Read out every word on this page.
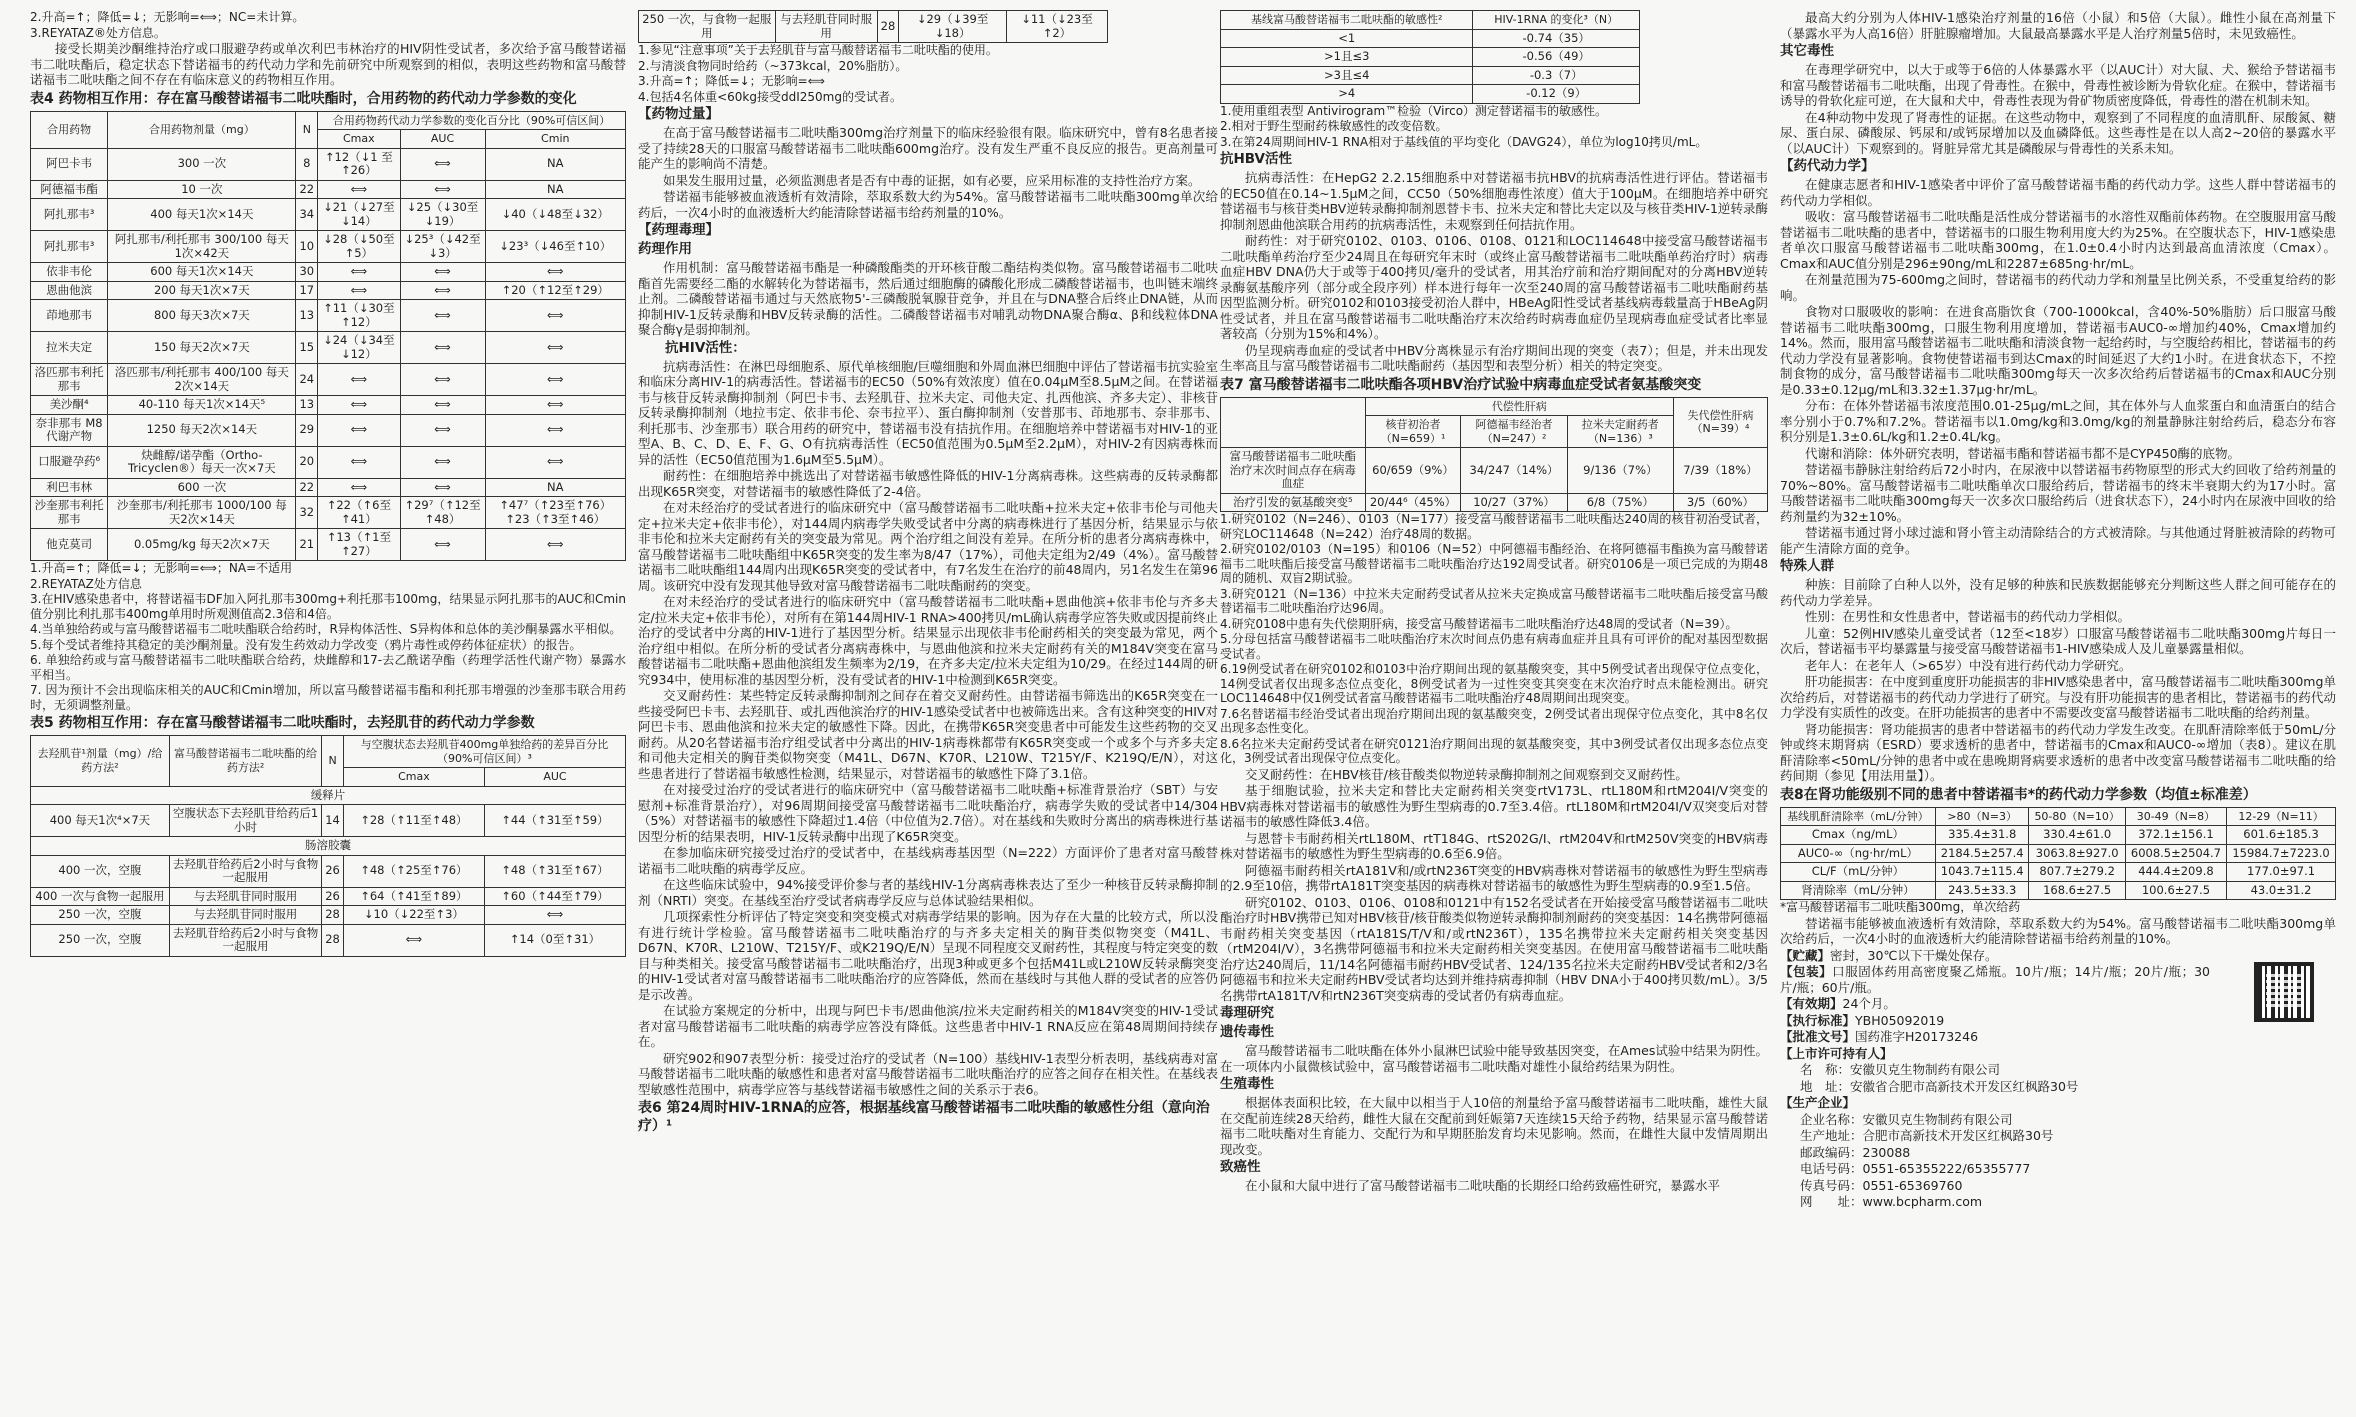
2.升高=↑；降低=↓；无影响=⟺；NC=未计算。
3.REYATAZ®处方信息。
接受长期美沙酮维持治疗或口服避孕药或单次利巴韦林治疗的HIV阴性受试者，多次给予富马酸替诺福韦二吡呋酯后，稳定状态下替诺福韦的药代动力学和先前研究中所观察到的相似，表明这些药物和富马酸替诺福韦二吡呋酯之间不存在有临床意义的药物相互作用。
表4 药物相互作用：存在富马酸替诺福韦二吡呋酯时，合用药物的药代动力学参数的变化
合用药物	合用药物剂量（mg）	N	合用药物药代动力学参数的变化百分比（90%可信区间）		
			Cmax	AUC	Cmin
阿巴卡韦	300 一次	8	↑12（↓1 至↑26）	⟺	NA
阿德福韦酯	10 一次	22	⟺	⟺	NA
阿扎那韦³	400 每天1次×14天	34	↓21（↓27至↓14）	↓25（↓30至↓19）	↓40（↓48至↓32）
阿扎那韦³	阿扎那韦/利托那韦 300/100 每天1次×42天	10	↓28（↓50至↑5）	↓25³（↓42至↓3）	↓23³（↓46至↑10）
依非韦伦	600 每天1次×14天	30	⟺	⟺	⟺
恩曲他滨	200 每天1次×7天	17	⟺	⟺	↑20（↑12至↑29）
茚地那韦	800 每天3次×7天	13	↑11（↓30至↑12）	⟺	⟺
拉米夫定	150 每天2次×7天	15	↓24（↓34至↓12）	⟺	⟺
洛匹那韦利托那韦	洛匹那韦/利托那韦 400/100 每天2次×14天	24	⟺	⟺	⟺
美沙酮⁴	40-110 每天1次×14天⁵	13	⟺	⟺	⟺
奈非那韦 M8代谢产物	1250 每天2次×14天	29	⟺	⟺	⟺
口服避孕药⁶	炔雌醇/诺孕酯（Ortho-Tricyclen®）每天一次×7天	20	⟺	⟺	⟺
利巴韦林	600 一次	22	⟺	⟺	NA
沙奎那韦利托那韦	沙奎那韦/利托那韦 1000/100 每天2次×14天	32	↑22（↑6至↑41）	↑29⁷（↑12至↑48）	↑47⁷（↑23至↑76）↑23（↑3至↑46）
他克莫司	0.05mg/kg 每天2次×7天	21	↑13（↑1至↑27）	⟺	⟺
1.升高=↑；降低=↓；无影响=⟺；NA=不适用
2.REYATAZ处方信息
3.在HIV感染患者中，将替诺福韦DF加入阿扎那韦300mg+利托那韦100mg，结果显示阿扎那韦的AUC和Cmin值分别比利扎那韦400mg单用时所观测值高2.3倍和4倍。
4.当单独给药或与富马酸替诺福韦二吡呋酯联合给药时，R异构体活性、S异构体和总体的美沙酮暴露水平相似。
5.每个受试者维持其稳定的美沙酮剂量。没有发生药效动力学改变（鸦片毒性或停药体征症状）的报告。
6. 单独给药或与富马酸替诺福韦二吡呋酯联合给药，炔雌醇和17-去乙酰诺孕酯（药理学活性代谢产物）暴露水平相当。
7. 因为预计不会出现临床相关的AUC和Cmin增加，所以富马酸替诺福韦酯和利托那韦增强的沙奎那韦联合用药时，无须调整剂量。
表5 药物相互作用：存在富马酸替诺福韦二吡呋酯时，去羟肌苷的药代动力学参数
去羟肌苷¹剂量（mg）/给药方法²	富马酸替诺福韦二吡呋酯的给药方法²	N	与空腹状态去羟肌苷400mg单独给药的差异百分比（90%可信区间）³	
			Cmax	AUC
缓释片				
400 每天1次⁴×7天	空腹状态下去羟肌苷给药后1小时	14	↑28（↑11至↑48）	↑44（↑31至↑59）
肠溶胶囊				
400 一次，空腹	去羟肌苷给药后2小时与食物一起服用	26	↑48（↑25至↑76）	↑48（↑31至↑67）
400 一次与食物一起服用	与去羟肌苷同时服用	26	↑64（↑41至↑89）	↑60（↑44至↑79）
250 一次，空腹	与去羟肌苷同时服用	28	↓10（↓22至↑3）	⟺
250 一次，空腹	去羟肌苷给药后2小时与食物一起服用	28	⟺	↑14（0至↑31）
250 一次，与食物一起服用	与去羟肌苷同时服用	28	↓29（↓39至↓18）	↓11（↓23至↑2）
1.参见“注意事项”关于去羟肌苷与富马酸替诺福韦二吡呋酯的使用。
2.与清淡食物同时给药（~373kcal，20%脂肪）。
3.升高=↑；降低=↓；无影响=⟺
4.包括4名体重<60kg接受ddI250mg的受试者。
【药物过量】
在高于富马酸替诺福韦二吡呋酯300mg治疗剂量下的临床经验很有限。临床研究中，曾有8名患者接受了持续28天的口服富马酸替诺福韦二吡呋酯600mg治疗。没有发生严重不良反应的报告。更高剂量可能产生的影响尚不清楚。
如果发生服用过量，必须监测患者是否有中毒的证据，如有必要，应采用标准的支持性治疗方案。
替诺福韦能够被血液透析有效清除，萃取系数大约为54%。富马酸替诺福韦二吡呋酯300mg单次给药后，一次4小时的血液透析大约能清除替诺福韦给药剂量的10%。
【药理毒理】
药理作用
作用机制：富马酸替诺福韦酯是一种磷酸酯类的开环核苷酸二酯结构类似物。富马酸替诺福韦二吡呋酯首先需要经二酯的水解转化为替诺福韦，然后通过细胞酶的磷酸化形成二磷酸替诺福韦，也叫链末端终止剂。二磷酸替诺福韦通过与天然底物5'-三磷酸脱氧腺苷竞争，并且在与DNA整合后终止DNA链，从而抑制HIV-1反转录酶和HBV反转录酶的活性。二磷酸替诺福韦对哺乳动物DNA聚合酶α、β和线粒体DNA聚合酶γ是弱抑制剂。
抗HIV活性：
抗病毒活性：在淋巴母细胞系、原代单核细胞/巨噬细胞和外周血淋巴细胞中评估了替诺福韦抗实验室和临床分离HIV-1的病毒活性。替诺福韦的EC50（50%有效浓度）值在0.04μM至8.5μM之间。在替诺福韦与核苷反转录酶抑制剂（阿巴卡韦、去羟肌苷、拉米夫定、司他夫定、扎西他滨、齐多夫定）、非核苷反转录酶抑制剂（地拉韦定、依非韦伦、奈韦拉平）、蛋白酶抑制剂（安普那韦、茚地那韦、奈非那韦、利托那韦、沙奎那韦）联合用药的研究中，替诺福韦没有拮抗作用。在细胞培养中替诺福韦对HIV-1的亚型A、B、C、D、E、F、G、O有抗病毒活性（EC50值范围为0.5μM至2.2μM），对HIV-2有因病毒株而异的活性（EC50值范围为1.6μM至5.5μM）。
耐药性：在细胞培养中挑选出了对替诺福韦敏感性降低的HIV-1分离病毒株。这些病毒的反转录酶都出现K65R突变，对替诺福韦的敏感性降低了2-4倍。
在对未经治疗的受试者进行的临床研究中（富马酸替诺福韦二吡呋酯+拉米夫定+依非韦伦与司他夫定+拉米夫定+依非韦伦），对144周内病毒学失败受试者中分离的病毒株进行了基因分析，结果显示与依非韦伦和拉米夫定耐药有关的突变最为常见。两个治疗组之间没有差异。在所分析的患者分离病毒株中，富马酸替诺福韦二吡呋酯组中K65R突变的发生率为8/47（17%），司他夫定组为2/49（4%）。富马酸替诺福韦二吡呋酯组144周内出现K65R突变的受试者中，有7名发生在治疗的前48周内，另1名发生在第96周。该研究中没有发现其他导致对富马酸替诺福韦二吡呋酯耐药的突变。
在对未经治疗的受试者进行的临床研究中（富马酸替诺福韦二吡呋酯+恩曲他滨+依非韦伦与齐多夫定/拉米夫定+依非韦伦），对所有在第144周HIV-1 RNA>400拷贝/mL确认病毒学应答失败或因提前终止治疗的受试者中分离的HIV-1进行了基因型分析。结果显示出现依非韦伦耐药相关的突变最为常见，两个治疗组中相似。在所分析的受试者分离病毒株中，与恩曲他滨和拉米夫定耐药有关的M184V突变在富马酸替诺福韦二吡呋酯+恩曲他滨组发生频率为2/19，在齐多夫定/拉米夫定组为10/29。在经过144周的研究934中，使用标准的基因型分析，没有受试者的HIV-1中检测到K65R突变。
交叉耐药性：某些特定反转录酶抑制剂之间存在着交叉耐药性。由替诺福韦筛选出的K65R突变在一些接受阿巴卡韦、去羟肌苷、或扎西他滨治疗的HIV-1感染受试者中也被筛选出来。含有这种突变的HIV对阿巴卡韦、恩曲他滨和拉米夫定的敏感性下降。因此，在携带K65R突变患者中可能发生这些药物的交叉耐药。从20名替诺福韦治疗组受试者中分离出的HIV-1病毒株都带有K65R突变或一个或多个与齐多夫定和司他夫定相关的胸苷类似物突变（M41L、D67N、K70R、L210W、T215Y/F、K219Q/E/N），对这些患者进行了替诺福韦敏感性检测，结果显示，对替诺福韦的敏感性下降了3.1倍。
在对接受过治疗的受试者进行的临床研究中（富马酸替诺福韦二吡呋酯+标准背景治疗（SBT）与安慰剂+标准背景治疗），对96周期间接受富马酸替诺福韦二吡呋酯治疗，病毒学失败的受试者中14/304（5%）对替诺福韦的敏感性下降超过1.4倍（中位值为2.7倍）。对在基线和失败时分离出的病毒株进行基因型分析的结果表明，HIV-1反转录酶中出现了K65R突变。
在参加临床研究接受过治疗的受试者中，在基线病毒基因型（N=222）方面评价了患者对富马酸替诺福韦二吡呋酯的病毒学反应。
在这些临床试验中，94%接受评价参与者的基线HIV-1分离病毒株表达了至少一种核苷反转录酶抑制剂（NRTI）突变。在基线至治疗受试者病毒学反应与总体试验结果相似。
几项探索性分析评估了特定突变和突变模式对病毒学结果的影响。因为存在大量的比较方式，所以没有进行统计学检验。富马酸替诺福韦二吡呋酯治疗的与齐多夫定相关的胸苷类似物突变（M41L、D67N、K70R、L210W、T215Y/F、或K219Q/E/N）呈现不同程度交叉耐药性，其程度与特定突变的数目与种类相关。接受富马酸替诺福韦二吡呋酯治疗，出现3种或更多个包括M41L或L210W反转录酶突变的HIV-1受试者对富马酸替诺福韦二吡呋酯治疗的应答降低，然而在基线时与其他人群的受试者的应答仍是示改善。
在试验方案规定的分析中，出现与阿巴卡韦/恩曲他滨/拉米夫定耐药相关的M184V突变的HIV-1受试者对富马酸替诺福韦二吡呋酯的病毒学应答没有降低。这些患者中HIV-1 RNA反应在第48周期间持续存在。
研究902和907表型分析：接受过治疗的受试者（N=100）基线HIV-1表型分析表明，基线病毒对富马酸替诺福韦二吡呋酯的敏感性和患者对富马酸替诺福韦二吡呋酯治疗的应答之间存在相关性。在基线表型敏感性范围中，病毒学应答与基线替诺福韦敏感性之间的关系示于表6。
表6 第24周时HIV-1RNA的应答，根据基线富马酸替诺福韦二吡呋酯的敏感性分组（意向治疗）¹
基线富马酸替诺福韦二吡呋酯的敏感性²	HIV-1RNA 的变化³（N）
<1	-0.74（35）
>1且≤3	-0.56（49）
>3且≤4	-0.3（7）
>4	-0.12（9）
1.使用重组表型 Antivirogram™检验（Virco）测定替诺福韦的敏感性。
2.相对于野生型耐药株敏感性的改变倍数。
3.在第24周期间HIV-1 RNA相对于基线值的平均变化（DAVG24），单位为log10拷贝/mL。
抗HBV活性
抗病毒活性：在HepG2 2.2.15细胞系中对替诺福韦抗HBV的抗病毒活性进行评估。替诺福韦的EC50值在0.14~1.5μM之间，CC50（50%细胞毒性浓度）值大于100μM。在细胞培养中研究替诺福韦与核苷类HBV逆转录酶抑制剂恩替卡韦、拉米夫定和替比夫定以及与核苷类HIV-1逆转录酶抑制剂恩曲他滨联合用药的抗病毒活性，未观察到任何拮抗作用。
耐药性：对于研究0102、0103、0106、0108、0121和LOC114648中接受富马酸替诺福韦二吡呋酯单药治疗至少24周且在每研究年末时（或终止富马酸替诺福韦二吡呋酯单药治疗时）病毒血症HBV DNA仍大于或等于400拷贝/毫升的受试者，用其治疗前和治疗期间配对的分离HBV逆转录酶氨基酸序列（部分或全段序列）样本进行每年一次至240周的富马酸替诺福韦二吡呋酯耐药基因型监测分析。研究0102和0103接受初治人群中，HBeAg阳性受试者基线病毒载量高于HBeAg阴性受试者，并且在富马酸替诺福韦二吡呋酯治疗末次给药时病毒血症仍呈现病毒血症受试者比率显著较高（分别为15%和4%）。
仍呈现病毒血症的受试者中HBV分离株显示有治疗期间出现的突变（表7）；但是，并未出现发生率高且与富马酸替诺福韦二吡呋酯耐药（基因型和表型分析）相关的特定突变。
表7 富马酸替诺福韦二吡呋酯各项HBV治疗试验中病毒血症受试者氨基酸突变
	代偿性肝病			失代偿性肝病（N=39）⁴
	核苷初治者（N=659）¹	阿德福韦经治者（N=247）²	拉米夫定耐药者（N=136）³	
富马酸替诺福韦二吡呋酯治疗末次时间点存在病毒血症	60/659（9%）	34/247（14%）	9/136（7%）	7/39（18%）
治疗引发的氨基酸突变⁵	20/44⁶（45%）	10/27（37%）	6/8（75%）	3/5（60%）
1.研究0102（N=246）、0103（N=177）接受富马酸替诺福韦二吡呋酯达240周的核苷初治受试者，研究LOC114648（N=242）治疗48周的数据。
2.研究0102/0103（N=195）和0106（N=52）中阿德福韦酯经治、在将阿德福韦酯换为富马酸替诺福韦二吡呋酯后接受富马酸替诺福韦二吡呋酯治疗达192周受试者。研究0106是一项已完成的为期48周的随机、双盲2期试验。
3.研究0121（N=136）中拉米夫定耐药受试者从拉米夫定换成富马酸替诺福韦二吡呋酯后接受富马酸替诺福韦二吡呋酯治疗达96周。
4.研究0108中患有失代偿期肝病，接受富马酸替诺福韦二吡呋酯治疗达48周的受试者（N=39）。
5.分母包括富马酸替诺福韦二吡呋酯治疗末次时间点仍患有病毒血症并且具有可评价的配对基因型数据受试者。
6.19例受试者在研究0102和0103中治疗期间出现的氨基酸突变，其中5例受试者出现保守位点变化，14例受试者仅出现多态位点变化，8例受试者为一过性突变其突变在末次治疗时点未能检测出。研究LOC114648中仅1例受试者富马酸替诺福韦二吡呋酯治疗48周期间出现突变。
7.6名替诺福韦经治受试者出现治疗期间出现的氨基酸突变，2例受试者出现保守位点变化，其中8名仅出现多态性变化。
8.6名拉米夫定耐药受试者在研究0121治疗期间出现的氨基酸突变，其中3例受试者仅出现多态位点变化，3例受试者出现保守位点变化。
交叉耐药性：在HBV核苷/核苷酸类似物逆转录酶抑制剂之间观察到交叉耐药性。
基于细胞试验，拉米夫定和替比夫定耐药相关突变rtV173L、rtL180M和rtM204I/V突变的HBV病毒株对替诺福韦的敏感性为野生型病毒的0.7至3.4倍。rtL180M和rtM204I/V双突变后对替诺福韦的敏感性降低3.4倍。
与恩替卡韦耐药相关rtL180M、rtT184G、rtS202G/I、rtM204V和rtM250V突变的HBV病毒株对替诺福韦的敏感性为野生型病毒的0.6至6.9倍。
阿德福韦耐药相关rtA181V和/或rtN236T突变的HBV病毒株对替诺福韦的敏感性为野生型病毒的2.9至10倍，携带rtA181T突变基因的病毒株对替诺福韦的敏感性为野生型病毒的0.9至1.5倍。
研究0102、0103、0106、0108和0121中有152名受试者在开始接受富马酸替诺福韦二吡呋酯治疗时HBV携带已知对HBV核苷/核苷酸类似物逆转录酶抑制剂耐药的突变基因：14名携带阿德福韦耐药相关突变基因（rtA181S/T/V和/或rtN236T），135名携带拉米夫定耐药相关突变基因（rtM204I/V），3名携带阿德福韦和拉米夫定耐药相关突变基因。在使用富马酸替诺福韦二吡呋酯治疗达240周后，11/14名阿德福韦耐药HBV受试者、124/135名拉米夫定耐药HBV受试者和2/3名阿德福韦和拉米夫定耐药HBV受试者均达到并维持病毒抑制（HBV DNA小于400拷贝数/mL）。3/5名携带rtA181T/V和rtN236T突变病毒的受试者仍有病毒血症。
毒理研究
遗传毒性
富马酸替诺福韦二吡呋酯在体外小鼠淋巴试验中能导致基因突变，在Ames试验中结果为阴性。在一项体内小鼠微核试验中，富马酸替诺福韦二吡呋酯对雄性小鼠给药结果为阴性。
生殖毒性
根据体表面积比较，在大鼠中以相当于人10倍的剂量给予富马酸替诺福韦二吡呋酯，雄性大鼠在交配前连续28天给药，雌性大鼠在交配前到妊娠第7天连续15天给予药物，结果显示富马酸替诺福韦二吡呋酯对生育能力、交配行为和早期胚胎发育均未见影响。然而，在雌性大鼠中发情周期出现改变。
致癌性
在小鼠和大鼠中进行了富马酸替诺福韦二吡呋酯的长期经口给药致癌性研究，暴露水平
最高大约分别为人体HIV-1感染治疗剂量的16倍（小鼠）和5倍（大鼠）。雌性小鼠在高剂量下（暴露水平为人高16倍）肝脏腺瘤增加。大鼠最高暴露水平是人治疗剂量5倍时，未见致癌性。
其它毒性
在毒理学研究中，以大于或等于6倍的人体暴露水平（以AUC计）对大鼠、犬、猴给予替诺福韦和富马酸替诺福韦二吡呋酯，出现了骨毒性。在猴中，骨毒性被诊断为骨软化症。在猴中，替诺福韦诱导的骨软化症可逆，在大鼠和犬中，骨毒性表现为骨矿物质密度降低，骨毒性的潜在机制未知。
在4种动物中发现了肾毒性的证据。在这些动物中，观察到了不同程度的血清肌酐、尿酸氮、糖尿、蛋白尿、磷酸尿、钙尿和/或钙尿增加以及血磷降低。这些毒性是在以人高2~20倍的暴露水平（以AUC计）下观察到的。肾脏异常尤其是磷酸尿与骨毒性的关系未知。
【药代动力学】
在健康志愿者和HIV-1感染者中评价了富马酸替诺福韦酯的药代动力学。这些人群中替诺福韦的药代动力学相似。
吸收：富马酸替诺福韦二吡呋酯是活性成分替诺福韦的水溶性双酯前体药物。在空腹服用富马酸替诺福韦二吡呋酯的患者中，替诺福韦的口服生物利用度大约为25%。在空腹状态下，HIV-1感染患者单次口服富马酸替诺福韦二吡呋酯300mg，在1.0±0.4小时内达到最高血清浓度（Cmax）。Cmax和AUC值分别是296±90ng/mL和2287±685ng·hr/mL。
在剂量范围为75-600mg之间时，替诺福韦的药代动力学和剂量呈比例关系，不受重复给药的影响。
食物对口服吸收的影响：在进食高脂饮食（700-1000kcal，含40%-50%脂肪）后口服富马酸替诺福韦二吡呋酯300mg，口服生物利用度增加，替诺福韦AUC0-∞增加约40%，Cmax增加约14%。然而，服用富马酸替诺福韦二吡呋酯和清淡食物一起给药时，与空腹给药相比，替诺福韦的药代动力学没有显著影响。食物使替诺福韦到达Cmax的时间延迟了大约1小时。在进食状态下，不控制食物的成分，富马酸替诺福韦二吡呋酯300mg每天一次多次给药后替诺福韦的Cmax和AUC分别是0.33±0.12μg/mL和3.32±1.37μg·hr/mL。
分布：在体外替诺福韦浓度范围0.01-25μg/mL之间，其在体外与人血浆蛋白和血清蛋白的结合率分别小于0.7%和7.2%。替诺福韦以1.0mg/kg和3.0mg/kg的剂量静脉注射给药后，稳态分布容积分别是1.3±0.6L/kg和1.2±0.4L/kg。
代谢和消除：体外研究表明，替诺福韦酯和替诺福韦都不是CYP450酶的底物。
替诺福韦静脉注射给药后72小时内，在尿液中以替诺福韦药物原型的形式大约回收了给药剂量的70%~80%。富马酸替诺福韦二吡呋酯单次口服给药后，替诺福韦的终末半衰期大约为17小时。富马酸替诺福韦二吡呋酯300mg每天一次多次口服给药后（进食状态下），24小时内在尿液中回收的给药剂量约为32±10%。
替诺福韦通过肾小球过滤和肾小管主动清除结合的方式被清除。与其他通过肾脏被清除的药物可能产生清除方面的竞争。
特殊人群
种族：目前除了白种人以外，没有足够的种族和民族数据能够充分判断这些人群之间可能存在的药代动力学差异。
性别：在男性和女性患者中，替诺福韦的药代动力学相似。
儿童：52例HIV感染儿童受试者（12至<18岁）口服富马酸替诺福韦二吡呋酯300mg片每日一次后，替诺福韦平均暴露量与接受富马酸替诺福韦1-HIV感染成人及儿童暴露量相似。
老年人：在老年人（>65岁）中没有进行药代动力学研究。
肝功能损害：在中度到重度肝功能损害的非HIV感染患者中，富马酸替诺福韦二吡呋酯300mg单次给药后，对替诺福韦的药代动力学进行了研究。与没有肝功能损害的患者相比，替诺福韦的药代动力学没有实质性的改变。在肝功能损害的患者中不需要改变富马酸替诺福韦二吡呋酯的给药剂量。
肾功能损害：肾功能损害的患者中替诺福韦的药代动力学发生改变。在肌酐清除率低于50mL/分钟或终末期肾病（ESRD）要求透析的患者中，替诺福韦的Cmax和AUC0-∞增加（表8）。建议在肌酐清除率<50mL/分钟的患者中或在患晚期肾病要求透析的患者中改变富马酸替诺福韦二吡呋酯的给药间期（参见【用法用量】）。
表8在肾功能级别不同的患者中替诺福韦*的药代动力学参数（均值±标准差）
基线肌酐清除率（mL/分钟）	>80（N=3）	50-80（N=10）	30-49（N=8）	12-29（N=11）
Cmax（ng/mL）	335.4±31.8	330.4±61.0	372.1±156.1	601.6±185.3
AUC0-∞（ng·hr/mL）	2184.5±257.4	3063.8±927.0	6008.5±2504.7	15984.7±7223.0
CL/F（mL/分钟）	1043.7±115.4	807.7±279.2	444.4±209.8	177.0±97.1
肾清除率（mL/分钟）	243.5±33.3	168.6±27.5	100.6±27.5	43.0±31.2
*富马酸替诺福韦二吡呋酯300mg，单次给药
替诺福韦能够被血液透析有效清除，萃取系数大约为54%。富马酸替诺福韦二吡呋酯300mg单次给药后，一次4小时的血液透析大约能清除替诺福韦给药剂量的10%。
【贮藏】密封，30℃以下干燥处保存。
【包装】口服固体药用高密度聚乙烯瓶。10片/瓶；14片/瓶；20片/瓶；30片/瓶；60片/瓶。
【有效期】24个月。
【执行标准】YBH05092019
【批准文号】国药准字H20173246
【上市许可持有人】
名　称：安徽贝克生物制药有限公司
地　址：安徽省合肥市高新技术开发区红枫路30号
【生产企业】
企业名称：安徽贝克生物制药有限公司
生产地址：合肥市高新技术开发区红枫路30号
邮政编码：230088
电话号码：0551-65355222/65355777
传真号码：0551-65369760
网　　址：www.bcpharm.com
